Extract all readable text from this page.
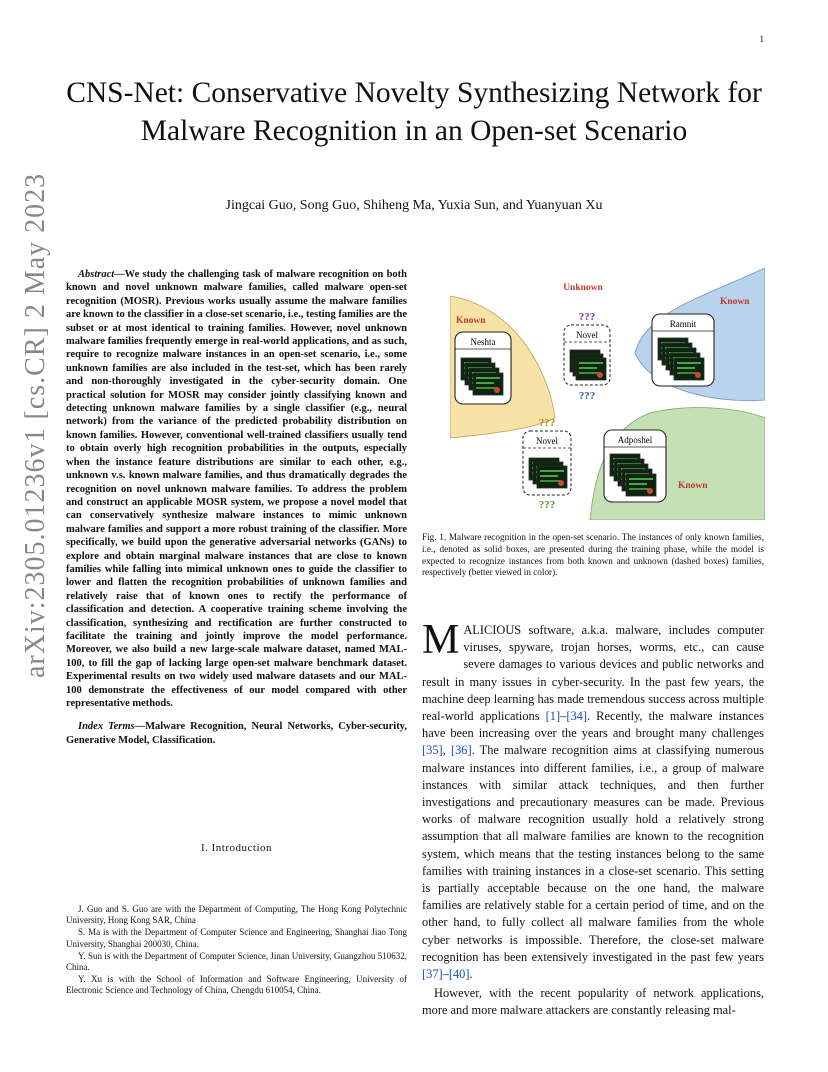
1
arXiv:2305.01236v1 [cs.CR] 2 May 2023
CNS-Net: Conservative Novelty Synthesizing Network for Malware Recognition in an Open-set Scenario
Jingcai Guo, Song Guo, Shiheng Ma, Yuxia Sun, and Yuanyuan Xu

Abstract—We study the challenging task of malware recognition on both known and novel unknown malware families, called malware open-set recognition (MOSR). Previous works usually assume the malware families are known to the classifier in a close-set scenario, i.e., testing families are the subset or at most identical to training families. However, novel unknown malware families frequently emerge in real-world applications, and as such, require to recognize malware instances in an open-set scenario, i.e., some unknown families are also included in the test-set, which has been rarely and non-thoroughly investigated in the cyber-security domain. One practical solution for MOSR may consider jointly classifying known and detecting unknown malware families by a single classifier (e.g., neural network) from the variance of the predicted probability distribution on known families. However, conventional well-trained classifiers usually tend to obtain overly high recognition probabilities in the outputs, especially when the instance feature distributions are similar to each other, e.g., unknown v.s. known malware families, and thus dramatically degrades the recognition on novel unknown malware families. To address the problem and construct an applicable MOSR system, we propose a novel model that can conservatively synthesize malware instances to mimic unknown malware families and support a more robust training of the classifier. More specifically, we build upon the generative adversarial networks (GANs) to explore and obtain marginal malware instances that are close to known families while falling into mimical unknown ones to guide the classifier to lower and flatten the recognition probabilities of unknown families and relatively raise that of known ones to rectify the performance of classification and detection. A cooperative training scheme involving the classification, synthesizing and rectification are further constructed to facilitate the training and jointly improve the model performance. Moreover, we also build a new large-scale malware dataset, named MAL-100, to fill the gap of lacking large open-set malware benchmark dataset. Experimental results on two widely used malware datasets and our MAL-100 demonstrate the effectiveness of our model compared with other representative methods.

Index Terms—Malware Recognition, Neural Networks, Cyber-security, Generative Model, Classification.

I. Introduction

J. Guo and S. Guo are with the Department of Computing, The Hong Kong Polytechnic University, Hong Kong SAR, China

S. Ma is with the Department of Computer Science and Engineering, Shanghai Jiao Tong University, Shanghai 200030, China.

Y. Sun is with the Department of Computer Science, Jinan University, Guangzhou 510632, China.

Y. Xu is with the School of Information and Software Engineering, University of Electronic Science and Technology of China, Chengdu 610054, China.

Unknown
Known
Known
Known
Neshta
???
Novel
???
Ramnit
???
Novel
???
Adposhel
Fig. 1. Malware recognition in the open-set scenario. The instances of only known families, i.e., denoted as solid boxes, are presented during the training phase, while the model is expected to recognize instances from both known and unknown (dashed boxes) families, respectively (better viewed in color).

MALICIOUS software, a.k.a. malware, includes computer viruses, spyware, trojan horses, worms, etc., can cause severe damages to various devices and public networks and result in many issues in cyber-security. In the past few years, the machine deep learning has made tremendous success across multiple real-world applications [1]–[34]. Recently, the malware instances have been increasing over the years and brought many challenges [35], [36]. The malware recognition aims at classifying numerous malware instances into different families, i.e., a group of malware instances with similar attack techniques, and then further investigations and precautionary measures can be made. Previous works of malware recognition usually hold a relatively strong assumption that all malware families are known to the recognition system, which means that the testing instances belong to the same families with training instances in a close-set scenario. This setting is partially acceptable because on the one hand, the malware families are relatively stable for a certain period of time, and on the other hand, to fully collect all malware families from the whole cyber networks is impossible. Therefore, the close-set malware recognition has been extensively investigated in the past few years [37]–[40].

However, with the recent popularity of network applications, more and more malware attackers are constantly releasing mal-
